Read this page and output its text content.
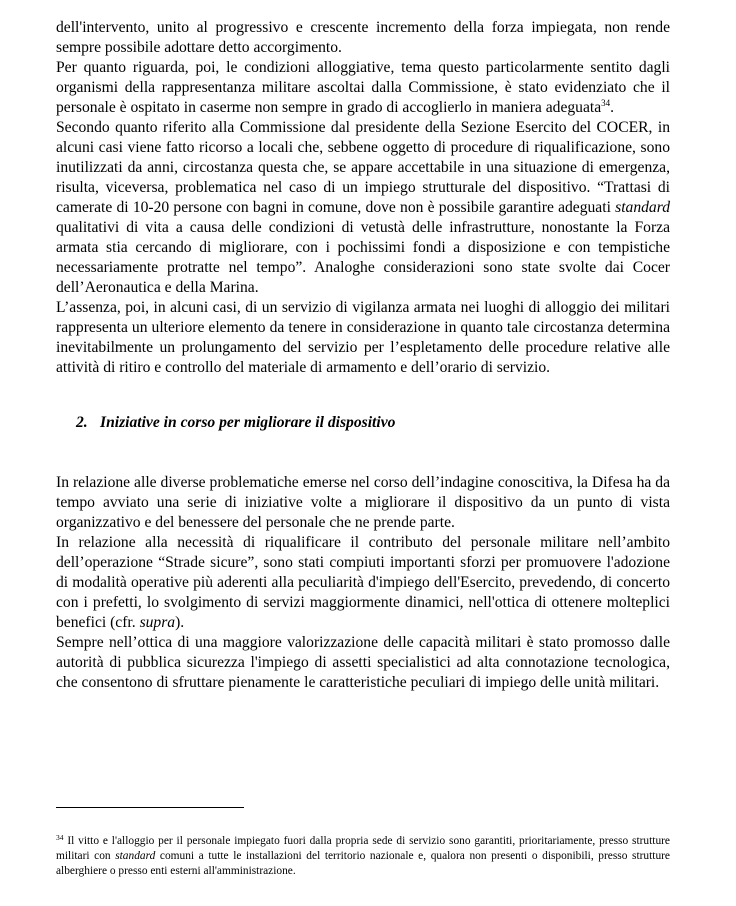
dell'intervento, unito al progressivo e crescente incremento della forza impiegata, non rende sempre possibile adottare detto accorgimento.

Per quanto riguarda, poi, le condizioni alloggiative, tema questo particolarmente sentito dagli organismi della rappresentanza militare ascoltai dalla Commissione, è stato evidenziato che il personale è ospitato in caserme non sempre in grado di accoglierlo in maniera adeguata$^{34}$.

Secondo quanto riferito alla Commissione dal presidente della Sezione Esercito del COCER, in alcuni casi viene fatto ricorso a locali che, sebbene oggetto di procedure di riqualificazione, sono inutilizzati da anni, circostanza questa che, se appare accettabile in una situazione di emergenza, risulta, viceversa, problematica nel caso di un impiego strutturale del dispositivo. “Trattasi di camerate di 10-20 persone con bagni in comune, dove non è possibile garantire adeguati standard qualitativi di vita a causa delle condizioni di vetustà delle infrastrutture, nonostante la Forza armata stia cercando di migliorare, con i pochissimi fondi a disposizione e con tempistiche necessariamente protratte nel tempo”. Analoghe considerazioni sono state svolte dai Cocer dell’Aeronautica e della Marina.

L’assenza, poi, in alcuni casi, di un servizio di vigilanza armata nei luoghi di alloggio dei militari rappresenta un ulteriore elemento da tenere in considerazione in quanto tale circostanza determina inevitabilmente un prolungamento del servizio per l’espletamento delle procedure relative alle attività di ritiro e controllo del materiale di armamento e dell’orario di servizio.

2. Iniziative in corso per migliorare il dispositivo

In relazione alle diverse problematiche emerse nel corso dell’indagine conoscitiva, la Difesa ha da tempo avviato una serie di iniziative volte a migliorare il dispositivo da un punto di vista organizzativo e del benessere del personale che ne prende parte.

In relazione alla necessità di riqualificare il contributo del personale militare nell’ambito dell’operazione “Strade sicure”, sono stati compiuti importanti sforzi per promuovere l'adozione di modalità operative più aderenti alla peculiarità d'impiego dell'Esercito, prevedendo, di concerto con i prefetti, lo svolgimento di servizi maggiormente dinamici, nell'ottica di ottenere molteplici benefici (cfr. supra).

Sempre nell’ottica di una maggiore valorizzazione delle capacità militari è stato promosso dalle autorità di pubblica sicurezza l'impiego di assetti specialistici ad alta connotazione tecnologica, che consentono di sfruttare pienamente le caratteristiche peculiari di impiego delle unità militari.

$^{34}$ Il vitto e l'alloggio per il personale impiegato fuori dalla propria sede di servizio sono garantiti, prioritariamente, presso strutture militari con standard comuni a tutte le installazioni del territorio nazionale e, qualora non presenti o disponibili, presso strutture alberghiere o presso enti esterni all'amministrazione.
